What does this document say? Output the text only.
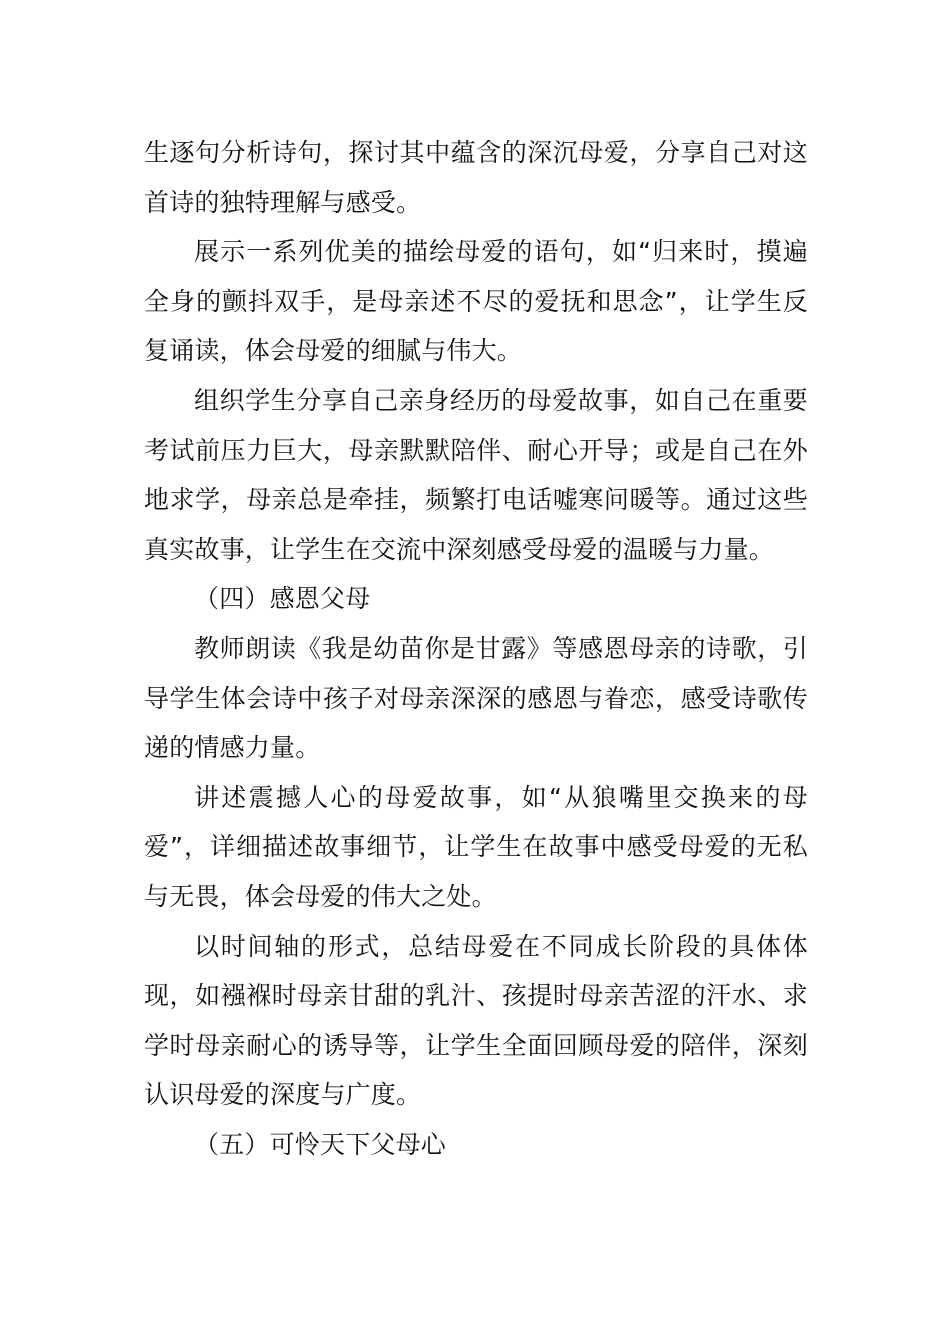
生逐句分析诗句，探讨其中蕴含的深沉母爱，分享自己对这首诗的独特理解与感受。

展示一系列优美的描绘母爱的语句，如“归来时，摸遍全身的颤抖双手，是母亲述不尽的爱抚和思念”，让学生反复诵读，体会母爱的细腻与伟大。

组织学生分享自己亲身经历的母爱故事，如自己在重要考试前压力巨大，母亲默默陪伴、耐心开导；或是自己在外地求学，母亲总是牵挂，频繁打电话嘘寒问暖等。通过这些真实故事，让学生在交流中深刻感受母爱的温暖与力量。

（四）感恩父母

教师朗读《我是幼苗你是甘露》等感恩母亲的诗歌，引导学生体会诗中孩子对母亲深深的感恩与眷恋，感受诗歌传递的情感力量。

讲述震撼人心的母爱故事，如“从狼嘴里交换来的母爱”，详细描述故事细节，让学生在故事中感受母爱的无私与无畏，体会母爱的伟大之处。

以时间轴的形式，总结母爱在不同成长阶段的具体体现，如襁褓时母亲甘甜的乳汁、孩提时母亲苦涩的汗水、求学时母亲耐心的诱导等，让学生全面回顾母爱的陪伴，深刻认识母爱的深度与广度。

（五）可怜天下父母心
